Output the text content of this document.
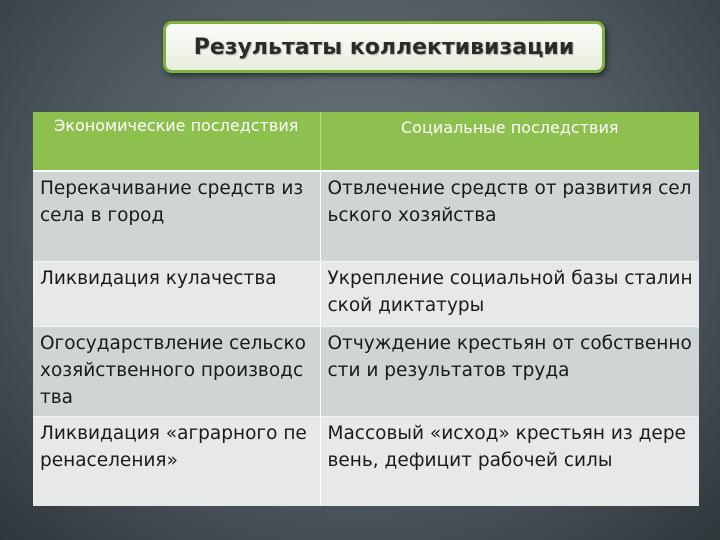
Результаты коллективизации
Экономические последствия	Социальные последствия
Перекачивание средств из села в город	Отвлечение средств от развития сельского хозяйства
Ликвидация кулачества	Укрепление социальной базы сталинской диктатуры
Огосударствление сельскохозяйственного производства	Отчуждение крестьян от собственности и результатов труда
Ликвидация «аграрного перенаселения»	Массовый «исход» крестьян из деревень, дефицит рабочей силы
